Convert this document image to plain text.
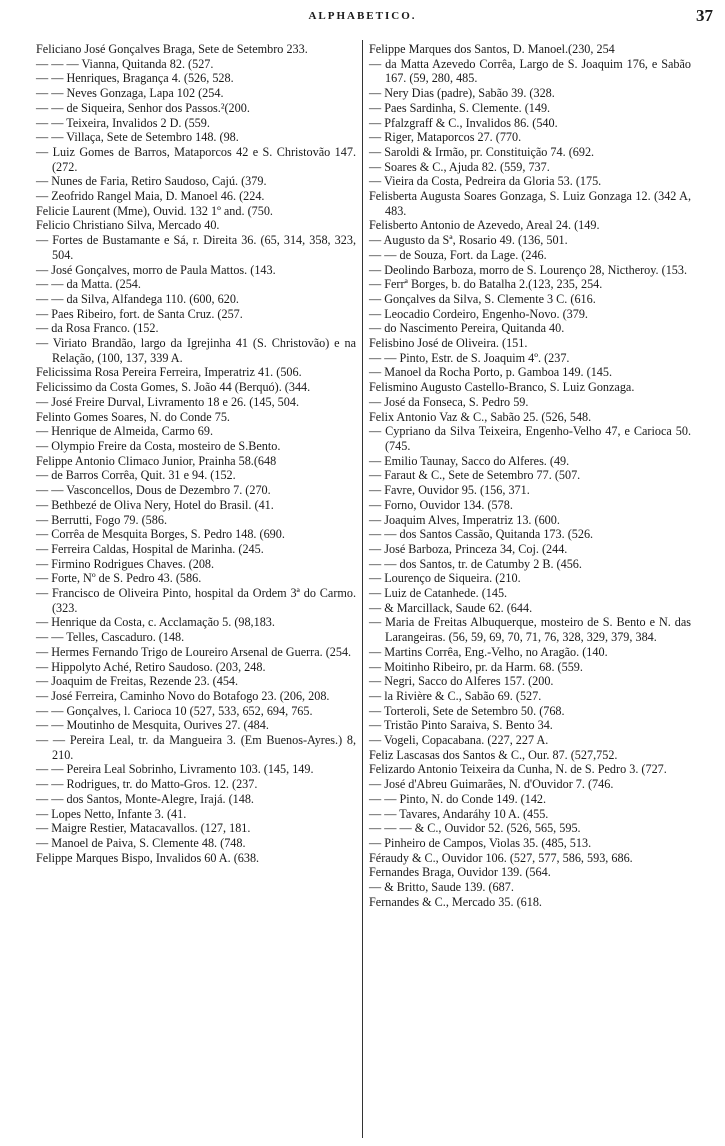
ALPHABETICO.	37
Feliciano José Gonçalves Braga, Sete de Setembro 233.
— — — Vianna, Quitanda 82. (527.
— — Henriques, Bragança 4. (526, 528.
— — Neves Gonzaga, Lapa 102 (254.
— — de Siqueira, Senhor dos Passos.²(200.
— — Teixeira, Invalidos 2 D. (559.
— — Villaça, Sete de Setembro 148. (98.
— Luiz Gomes de Barros, Mataporcos 42 e S. Christovão 147. (272.
— Nunes de Faria, Retiro Saudoso, Cajú. (379.
— Zeofrido Rangel Maia, D. Manoel 46. (224.
Felicie Laurent (Mme), Ouvid. 132 1º and. (750.
Felicio Christiano Silva, Mercado 40.
— Fortes de Bustamante e Sá, r. Direita 36. (65, 314, 358, 323, 504.
— José Gonçalves, morro de Paula Mattos. (143.
— — da Matta. (254.
— — da Silva, Alfandega 110. (600, 620.
— Paes Ribeiro, fort. de Santa Cruz. (257.
— da Rosa Franco. (152.
— Viriato Brandão, largo da Igrejinha 41 (S. Christovão) e na Relação, (100, 137, 339 A.
Felicissima Rosa Pereira Ferreira, Imperatriz 41. (506.
Felicissimo da Costa Gomes, S. João 44 (Berquó). (344.
— José Freire Durval, Livramento 18 e 26. (145, 504.
Felinto Gomes Soares, N. do Conde 75.
— Henrique de Almeida, Carmo 69.
— Olympio Freire da Costa, mosteiro de S.Bento.
Felippe Antonio Climaco Junior, Prainha 58.(648
— de Barros Corrêa, Quit. 31 e 94. (152.
— — Vasconcellos, Dous de Dezembro 7. (270.
— Bethbezé de Oliva Nery, Hotel do Brasil. (41.
— Berrutti, Fogo 79. (586.
— Corrêa de Mesquita Borges, S. Pedro 148. (690.
— Ferreira Caldas, Hospital de Marinha. (245.
— Firmino Rodrigues Chaves. (208.
— Forte, Nº de S. Pedro 43. (586.
— Francisco de Oliveira Pinto, hospital da Ordem 3ª do Carmo. (323.
— Henrique da Costa, c. Acclamação 5. (98,183.
— — Telles, Cascaduro. (148.
— Hermes Fernando Trigo de Loureiro Arsenal de Guerra. (254.
— Hippolyto Aché, Retiro Saudoso. (203, 248.
— Joaquim de Freitas, Rezende 23. (454.
— José Ferreira, Caminho Novo do Botafogo 23. (206, 208.
— — Gonçalves, l. Carioca 10 (527, 533, 652, 694, 765.
— — Moutinho de Mesquita, Ourives 27. (484.
— — Pereira Leal, tr. da Mangueira 3. (Em Buenos-Ayres.) 8, 210.
— — Pereira Leal Sobrinho, Livramento 103. (145, 149.
— — Rodrigues, tr. do Matto-Gros. 12. (237.
— — dos Santos, Monte-Alegre, Irajá. (148.
— Lopes Netto, Infante 3. (41.
— Maigre Restier, Matacavallos. (127, 181.
— Manoel de Paiva, S. Clemente 48. (748.
Felippe Marques Bispo, Invalidos 60 A. (638.
Felippe Marques dos Santos, D. Manoel.(230, 254
— da Matta Azevedo Corrêa, Largo de S. Joaquim 176, e Sabão 167. (59, 280, 485.
— Nery Dias (padre), Sabão 39. (328.
— Paes Sardinha, S. Clemente. (149.
— Pfalzgraff & C., Invalidos 86. (540.
— Riger, Mataporcos 27. (770.
— Saroldi & Irmão, pr. Constituição 74. (692.
— Soares & C., Ajuda 82. (559, 737.
— Vieira da Costa, Pedreira da Gloria 53. (175.
Felisberta Augusta Soares Gonzaga, S. Luiz Gonzaga 12. (342 A, 483.
Felisberto Antonio de Azevedo, Areal 24. (149.
— Augusto da Sª, Rosario 49. (136, 501.
— — de Souza, Fort. da Lage. (246.
— Deolindo Barboza, morro de S. Lourenço 28, Nictheroy. (153.
— Ferrª Borges, b. do Batalha 2.(123, 235, 254.
— Gonçalves da Silva, S. Clemente 3 C. (616.
— Leocadio Cordeiro, Engenho-Novo. (379.
— do Nascimento Pereira, Quitanda 40.
Felisbino José de Oliveira. (151.
— — Pinto, Estr. de S. Joaquim 4º. (237.
— Manoel da Rocha Porto, p. Gamboa 149. (145.
Felismino Augusto Castello-Branco, S. Luiz Gonzaga.
— José da Fonseca, S. Pedro 59.
Felix Antonio Vaz & C., Sabão 25. (526, 548.
— Cypriano da Silva Teixeira, Engenho-Velho 47, e Carioca 50. (745.
— Emilio Taunay, Sacco do Alferes. (49.
— Faraut & C., Sete de Setembro 77. (507.
— Favre, Ouvidor 95. (156, 371.
— Forno, Ouvidor 134. (578.
— Joaquim Alves, Imperatriz 13. (600.
— — dos Santos Cassão, Quitanda 173. (526.
— José Barboza, Princeza 34, Coj. (244.
— — dos Santos, tr. de Catumby 2 B. (456.
— Lourenço de Siqueira. (210.
— Luiz de Catanhede. (145.
— & Marcillack, Saude 62. (644.
— Maria de Freitas Albuquerque, mosteiro de S. Bento e N. das Larangeiras. (56, 59, 69, 70, 71, 76, 328, 329, 379, 384.
— Martins Corrêa, Eng.-Velho, no Aragão. (140.
— Moitinho Ribeiro, pr. da Harm. 68. (559.
— Negri, Sacco do Alferes 157. (200.
— la Rivière & C., Sabão 69. (527.
— Torteroli, Sete de Setembro 50. (768.
— Tristão Pinto Saraiva, S. Bento 34.
— Vogeli, Copacabana. (227, 227 A.
Feliz Lascasas dos Santos & C., Our. 87. (527,752.
Felizardo Antonio Teixeira da Cunha, N. de S. Pedro 3. (727.
— José d'Abreu Guimarães, N. d'Ouvidor 7. (746.
— — Pinto, N. do Conde 149. (142.
— — Tavares, Andaráhy 10 A. (455.
— — — & C., Ouvidor 52. (526, 565, 595.
— Pinheiro de Campos, Violas 35. (485, 513.
Féraudy & C., Ouvidor 106. (527, 577, 586, 593, 686.
Fernandes Braga, Ouvidor 139. (564.
— & Britto, Saude 139. (687.
Fernandes & C., Mercado 35. (618.
